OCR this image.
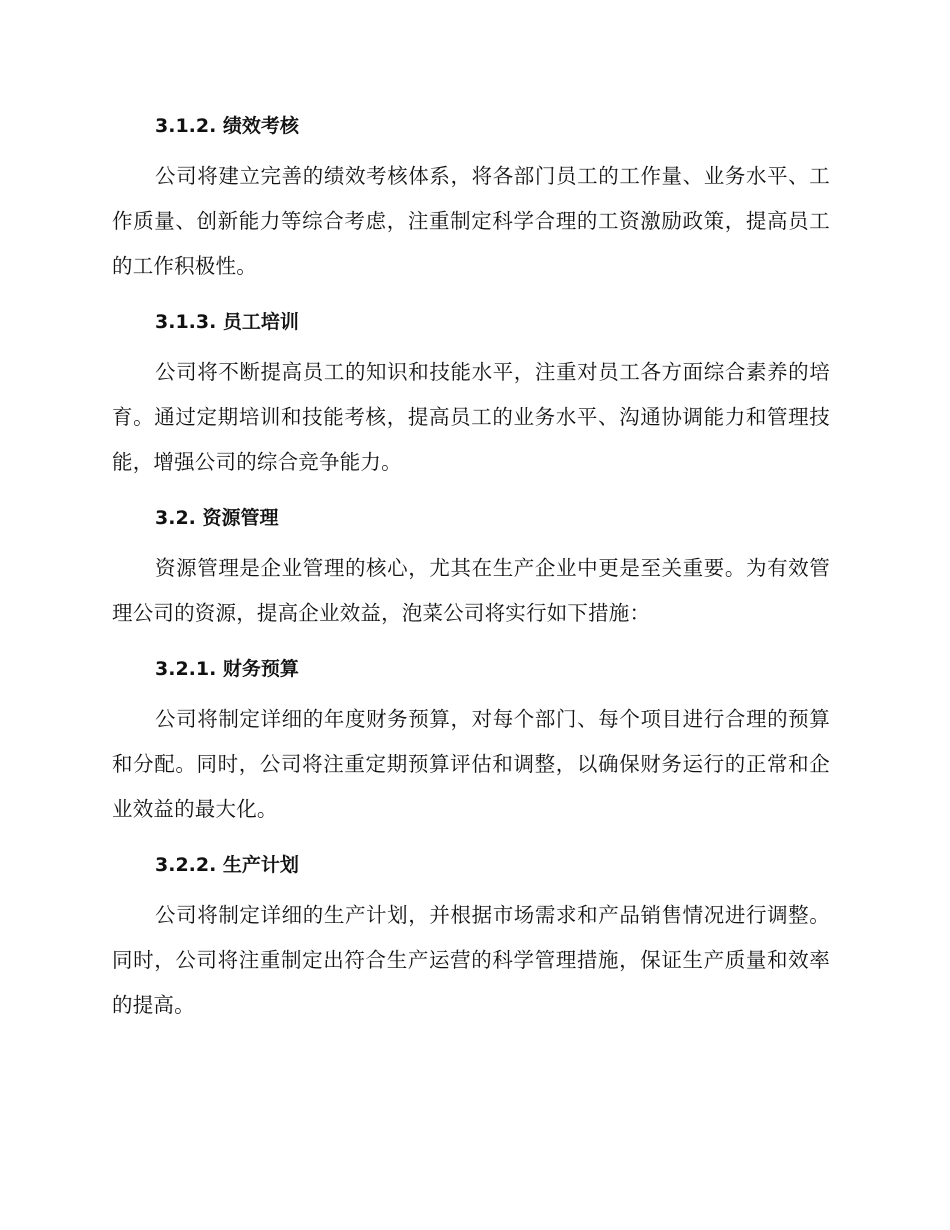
3.1.2. 绩效考核

公司将建立完善的绩效考核体系，将各部门员工的工作量、业务水平、工作质量、创新能力等综合考虑，注重制定科学合理的工资激励政策，提高员工的工作积极性。

3.1.3. 员工培训

公司将不断提高员工的知识和技能水平，注重对员工各方面综合素养的培育。通过定期培训和技能考核，提高员工的业务水平、沟通协调能力和管理技能，增强公司的综合竞争能力。

3.2. 资源管理

资源管理是企业管理的核心，尤其在生产企业中更是至关重要。为有效管理公司的资源，提高企业效益，泡菜公司将实行如下措施：

3.2.1. 财务预算

公司将制定详细的年度财务预算，对每个部门、每个项目进行合理的预算和分配。同时，公司将注重定期预算评估和调整，以确保财务运行的正常和企业效益的最大化。

3.2.2. 生产计划

公司将制定详细的生产计划，并根据市场需求和产品销售情况进行调整。同时，公司将注重制定出符合生产运营的科学管理措施，保证生产质量和效率的提高。
